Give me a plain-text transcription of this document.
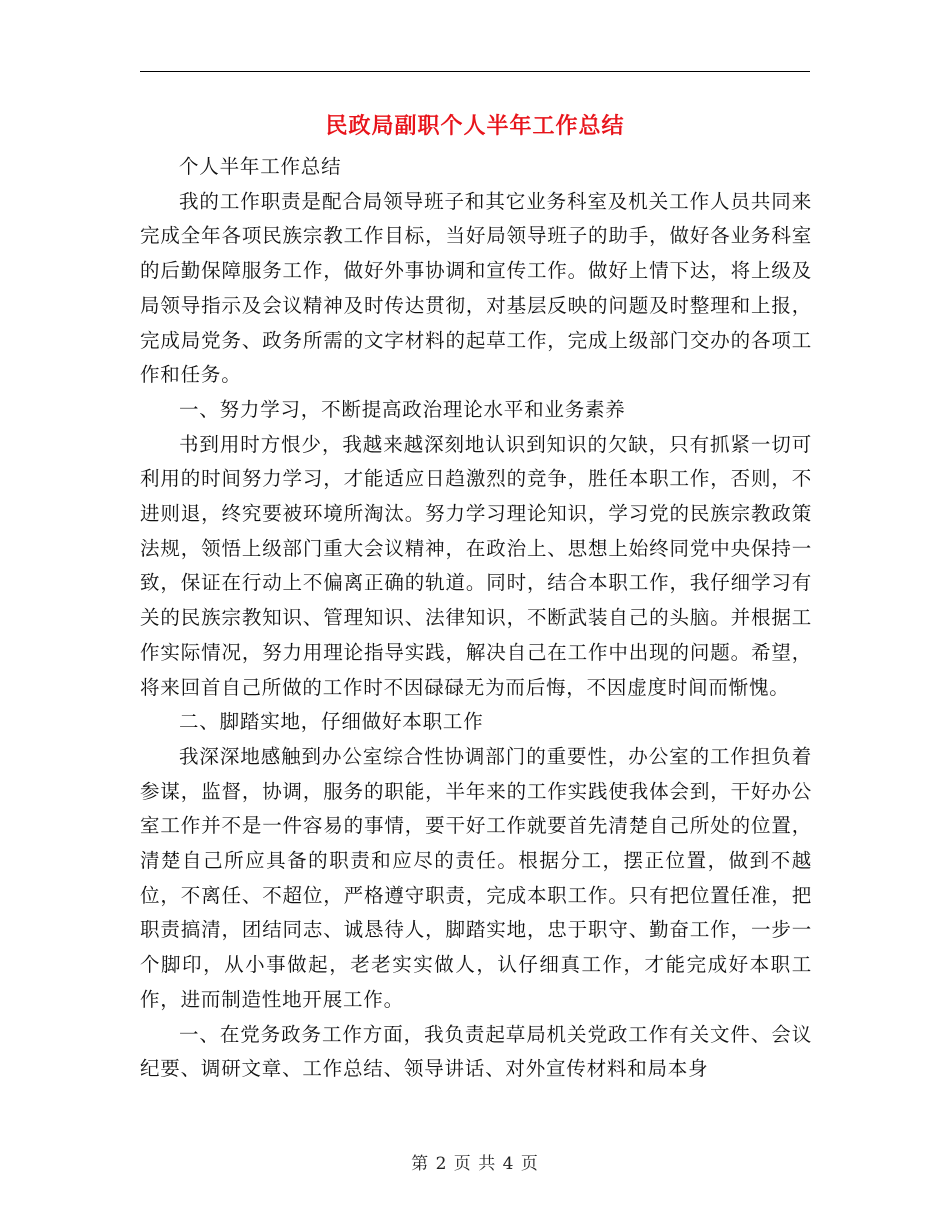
民政局副职个人半年工作总结

个人半年工作总结

我的工作职责是配合局领导班子和其它业务科室及机关工作人员共同来完成全年各项民族宗教工作目标，当好局领导班子的助手，做好各业务科室的后勤保障服务工作，做好外事协调和宣传工作。做好上情下达，将上级及局领导指示及会议精神及时传达贯彻，对基层反映的问题及时整理和上报，完成局党务、政务所需的文字材料的起草工作，完成上级部门交办的各项工作和任务。

一、努力学习，不断提高政治理论水平和业务素养

书到用时方恨少，我越来越深刻地认识到知识的欠缺，只有抓紧一切可利用的时间努力学习，才能适应日趋激烈的竞争，胜任本职工作，否则，不进则退，终究要被环境所淘汰。努力学习理论知识，学习党的民族宗教政策法规，领悟上级部门重大会议精神，在政治上、思想上始终同党中央保持一致，保证在行动上不偏离正确的轨道。同时，结合本职工作，我仔细学习有关的民族宗教知识、管理知识、法律知识，不断武装自己的头脑。并根据工作实际情况，努力用理论指导实践，解决自己在工作中出现的问题。希望，将来回首自己所做的工作时不因碌碌无为而后悔，不因虚度时间而惭愧。

二、脚踏实地，仔细做好本职工作

我深深地感触到办公室综合性协调部门的重要性，办公室的工作担负着参谋，监督，协调，服务的职能，半年来的工作实践使我体会到，干好办公室工作并不是一件容易的事情，要干好工作就要首先清楚自己所处的位置，清楚自己所应具备的职责和应尽的责任。根据分工，摆正位置，做到不越位，不离任、不超位，严格遵守职责，完成本职工作。只有把位置任准，把职责搞清，团结同志、诚恳待人，脚踏实地，忠于职守、勤奋工作，一步一个脚印，从小事做起，老老实实做人，认仔细真工作，才能完成好本职工作，进而制造性地开展工作。

一、在党务政务工作方面，我负责起草局机关党政工作有关文件、会议纪要、调研文章、工作总结、领导讲话、对外宣传材料和局本身

第 2 页 共 4 页
